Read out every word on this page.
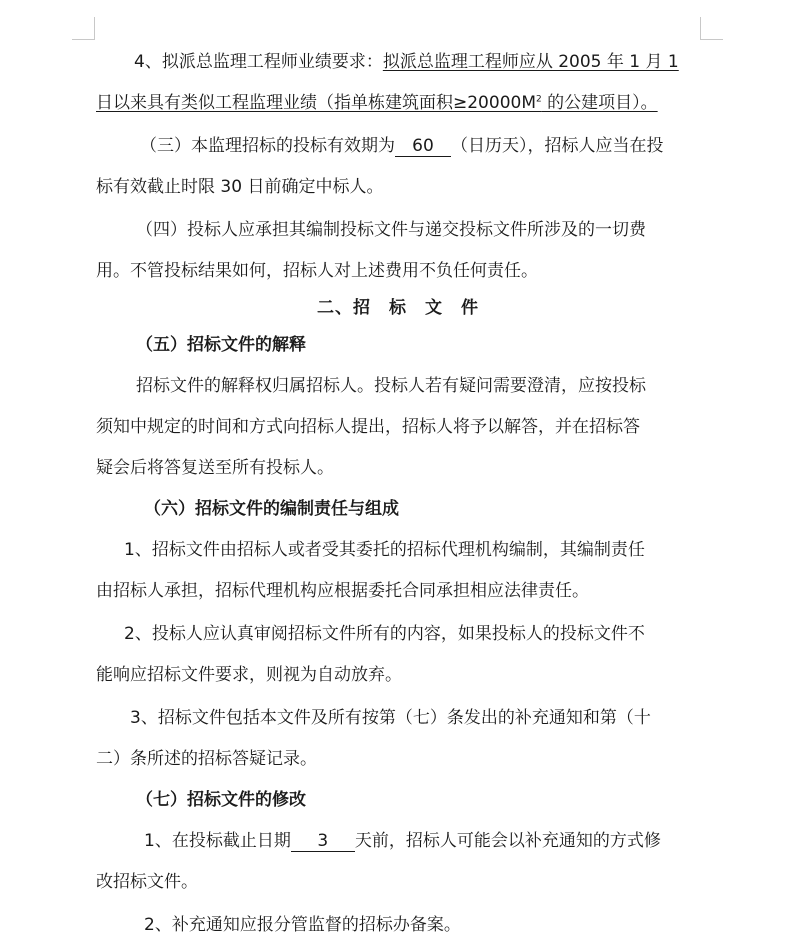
4、拟派总监理工程师业绩要求：拟派总监理工程师应从 2005 年 1 月 1

日以来具有类似工程监理业绩（指单栋建筑面积$\ge 20000M^2$ 的公建项目）。

（三）本监理招标的投标有效期为 60 （日历天），招标人应当在投

标有效截止时限 30 日前确定中标人。

（四）投标人应承担其编制投标文件与递交投标文件所涉及的一切费

用。不管投标结果如何，招标人对上述费用不负任何责任。

二、招　标　文　件

（五）招标文件的解释

招标文件的解释权归属招标人。投标人若有疑问需要澄清，应按投标

须知中规定的时间和方式向招标人提出，招标人将予以解答，并在招标答

疑会后将答复送至所有投标人。

（六）招标文件的编制责任与组成

1、招标文件由招标人或者受其委托的招标代理机构编制，其编制责任

由招标人承担，招标代理机构应根据委托合同承担相应法律责任。

2、投标人应认真审阅招标文件所有的内容，如果投标人的投标文件不

能响应招标文件要求，则视为自动放弃。

3、招标文件包括本文件及所有按第（七）条发出的补充通知和第（十

二）条所述的招标答疑记录。

（七）招标文件的修改

1、在投标截止日期 3 天前，招标人可能会以补充通知的方式修

改招标文件。

2、补充通知应报分管监督的招标办备案。
